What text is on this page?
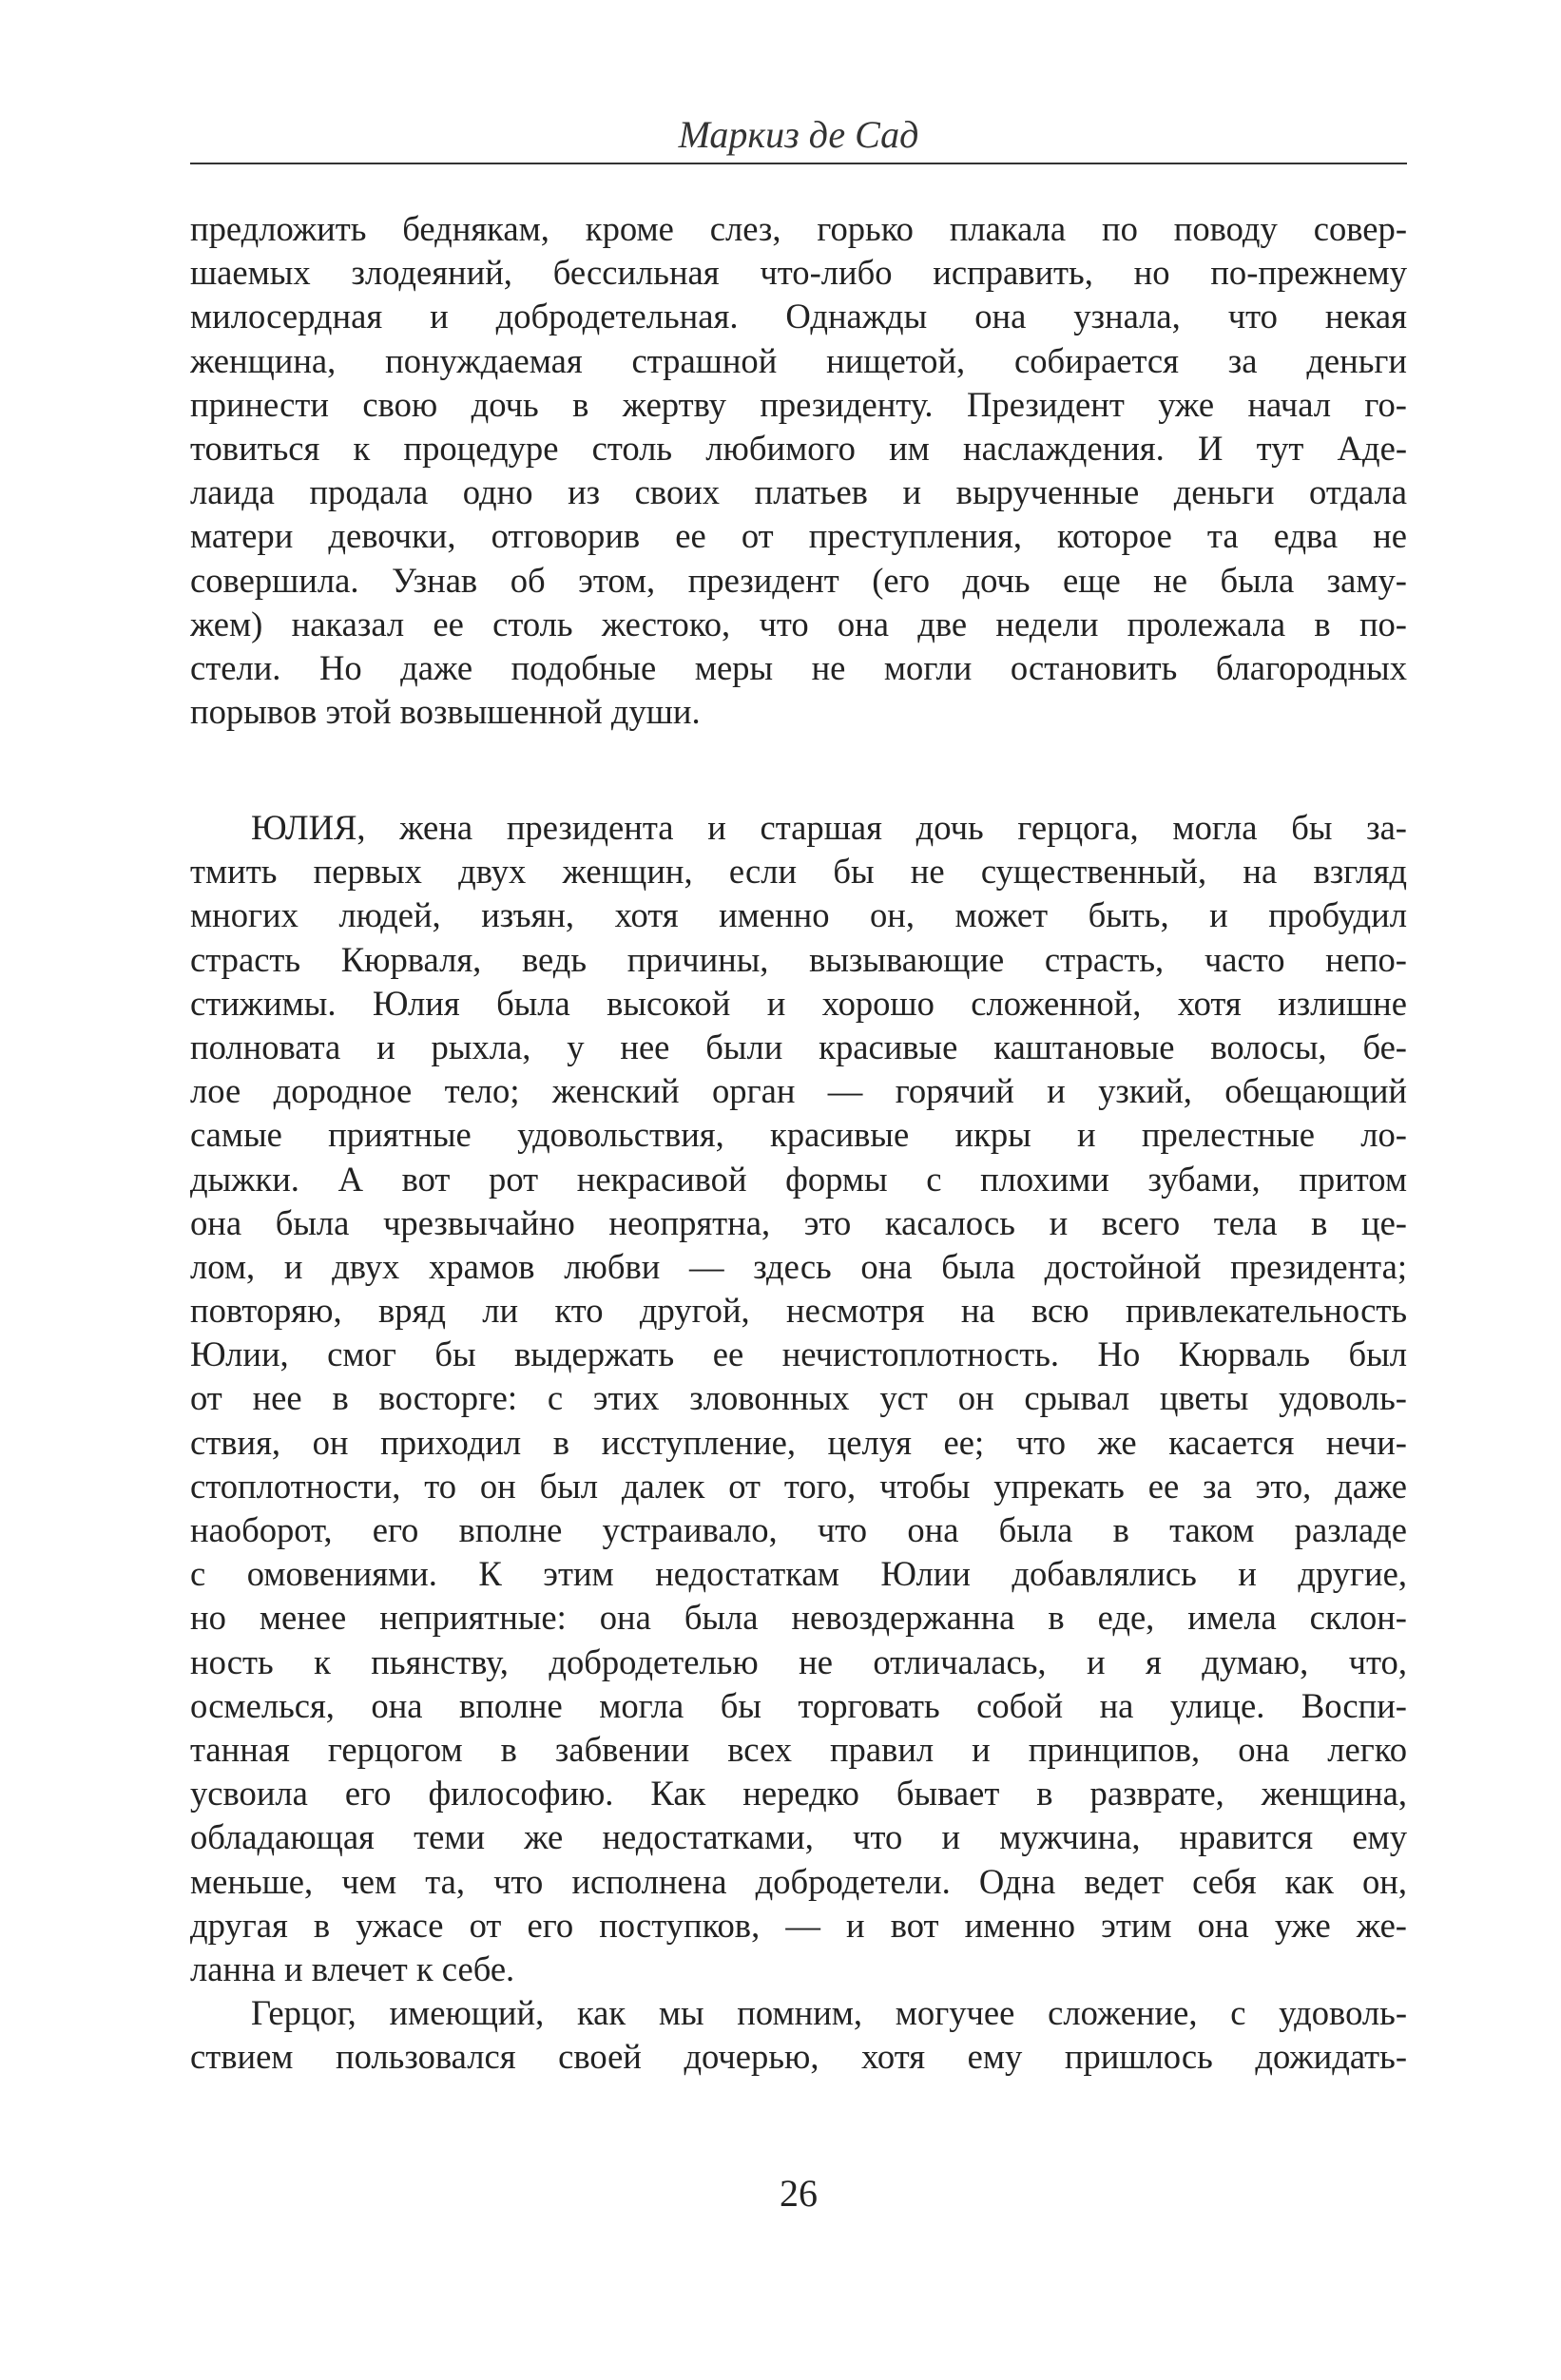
Маркиз де Сад

предложить беднякам, кроме слез, горько плакала по поводу совер-
шаемых злодеяний, бессильная что-либо исправить, но по-прежнему
милосердная и добродетельная. Однажды она узнала, что некая
женщина, понуждаемая страшной нищетой, собирается за деньги
принести свою дочь в жертву президенту. Президент уже начал го-
товиться к процедуре столь любимого им наслаждения. И тут Аде-
лаида продала одно из своих платьев и вырученные деньги отдала
матери девочки, отговорив ее от преступления, которое та едва не
совершила. Узнав об этом, президент (его дочь еще не была заму-
жем) наказал ее столь жестоко, что она две недели пролежала в по-
стели. Но даже подобные меры не могли остановить благородных
порывов этой возвышенной души.

ЮЛИЯ, жена президента и старшая дочь герцога, могла бы за-
тмить первых двух женщин, если бы не существенный, на взгляд
многих людей, изъян, хотя именно он, может быть, и пробудил
страсть Кюрваля, ведь причины, вызывающие страсть, часто непо-
стижимы. Юлия была высокой и хорошо сложенной, хотя излишне
полновата и рыхла, у нее были красивые каштановые волосы, бе-
лое дородное тело; женский орган — горячий и узкий, обещающий
самые приятные удовольствия, красивые икры и прелестные ло-
дыжки. А вот рот некрасивой формы с плохими зубами, притом
она была чрезвычайно неопрятна, это касалось и всего тела в це-
лом, и двух храмов любви — здесь она была достойной президента;
повторяю, вряд ли кто другой, несмотря на всю привлекательность
Юлии, смог бы выдержать ее нечистоплотность. Но Кюрваль был
от нее в восторге: с этих зловонных уст он срывал цветы удоволь-
ствия, он приходил в исступление, целуя ее; что же касается нечи-
стоплотности, то он был далек от того, чтобы упрекать ее за это, даже
наоборот, его вполне устраивало, что она была в таком разладе
с омовениями. К этим недостаткам Юлии добавлялись и другие,
но менее неприятные: она была невоздержанна в еде, имела склон-
ность к пьянству, добродетелью не отличалась, и я думаю, что,
осмелься, она вполне могла бы торговать собой на улице. Воспи-
танная герцогом в забвении всех правил и принципов, она легко
усвоила его философию. Как нередко бывает в разврате, женщина,
обладающая теми же недостатками, что и мужчина, нравится ему
меньше, чем та, что исполнена добродетели. Одна ведет себя как он,
другая в ужасе от его поступков, — и вот именно этим она уже же-
ланна и влечет к себе.

Герцог, имеющий, как мы помним, могучее сложение, с удоволь-
ствием пользовался своей дочерью, хотя ему пришлось дожидать-

26
